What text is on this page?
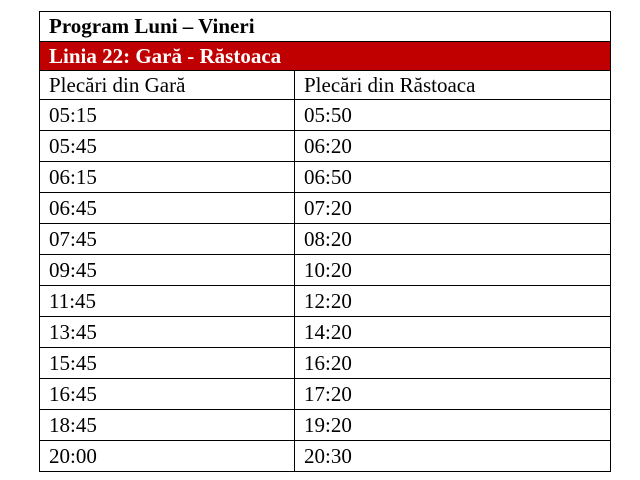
Program Luni – Vineri	
Linia 22: Gară - Răstoaca	
Plecări din Gară	Plecări din Răstoaca
05:15	05:50
05:45	06:20
06:15	06:50
06:45	07:20
07:45	08:20
09:45	10:20
11:45	12:20
13:45	14:20
15:45	16:20
16:45	17:20
18:45	19:20
20:00	20:30
